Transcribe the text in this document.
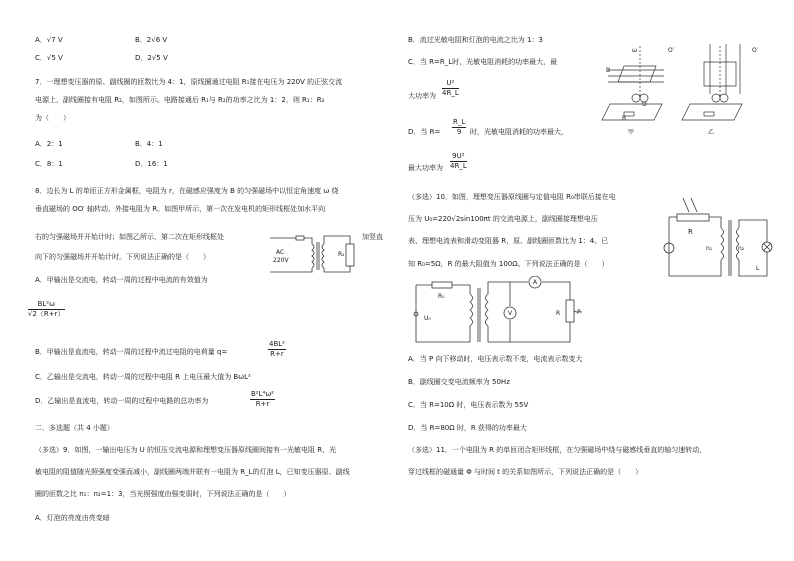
A．√7 V	B．2√6 V
C．√5 V	D．2√5 V
7．一理想变压器的原、副线圈的匝数比为 4：1，原线圈通过电阻 R₁接在电压为 220V 的正弦交流
电源上，副线圈接有电阻 R₂，如图所示。电路接通后 R₁与 R₂的功率之比为 1：2，则 R₁：R₂
为（　　）
A．2：1	B．4：1
C．8：1	D．16：1
8．边长为 L 的单匝正方形金属框，电阻为 r，在磁感应强度为 B 的匀强磁场中以恒定角速度 ω 绕
垂直磁场的 OO′ 轴转动，外接电阻为 R。如图甲所示，第一次在发电机的矩形线框处加水平向
右的匀强磁场并开始计时；如图乙所示，第二次在矩形线框处	加竖直
向下的匀强磁场并开始计时。下列说法正确的是（　　）
AC
220V
R₂
A．甲输出是交流电，转动一周的过程中电流的有效值为
$\frac{\text{BL²ω}}{√2(R+r)}$
B．甲输出是直流电，转动一周的过程中流过电阻的电荷量 q=	$\frac{\text{4BL²}}{R+r}$
C．乙输出是交流电，转动一周的过程中电阻 R 上电压最大值为 BωL²
D．乙输出是直流电，转动一周的过程中电路的总功率为	$\frac{\text{B²L⁴ω²}}{R+r}$
二．多选题（共 4 小题）
（多选）9．如图，一输出电压为 U 的恒压交流电源和理想变压器原线圈间接有一光敏电阻 R，光
敏电阻的阻值随光照强度变强而减小，副线圈两端并联有一电阻为 R_L的灯泡 L，已知变压器原、副线
圈的匝数之比 n₁：n₂=1：3，当光照强度由强变弱时，下列说法正确的是（　　）
A．灯泡的亮度由亮变暗
B．流过光敏电阻和灯泡的电流之比为 1：3
C．当 R=R_L时，光敏电阻消耗的功率最大，最
大功率为 $\frac{\text{U²}}{4R\_L}$
D．当 $R= \frac{R\_L}{9}$ 时，光敏电阻消耗的功率最大，
最大功率为 $\frac{\text{9U²}}{4R\_L}$
ω	O′	O′
B
O
R
甲	乙
（多选）10．如图，理想变压器原线圈与定值电阻 R₀串联后接在电
压为 U₀=220√2sin100πt 的交流电源上，副线圈接理想电压
表、理想电流表和滑动变阻器 R，原、副线圈匝数比为 1：4。已
知 R₀=5Ω，R 的最大阻值为 100Ω。下列说法正确的是（　　）
R
n₁	n₂
L
R₀
U₀
A
V	R	P
A．当 P 向下移动时，电压表示数不变，电流表示数变大
B．副线圈交变电流频率为 50Hz
C．当 R=10Ω 时，电压表示数为 55V
D．当 R=80Ω 时，R 获得的功率最大
（多选）11．一个电阻为 R 的单匝闭合矩形线框，在匀强磁场中绕与磁感线垂直的轴匀速转动，
穿过线框的磁通量 Φ 与时间 t 的关系如图所示，下列说法正确的是（　　）
